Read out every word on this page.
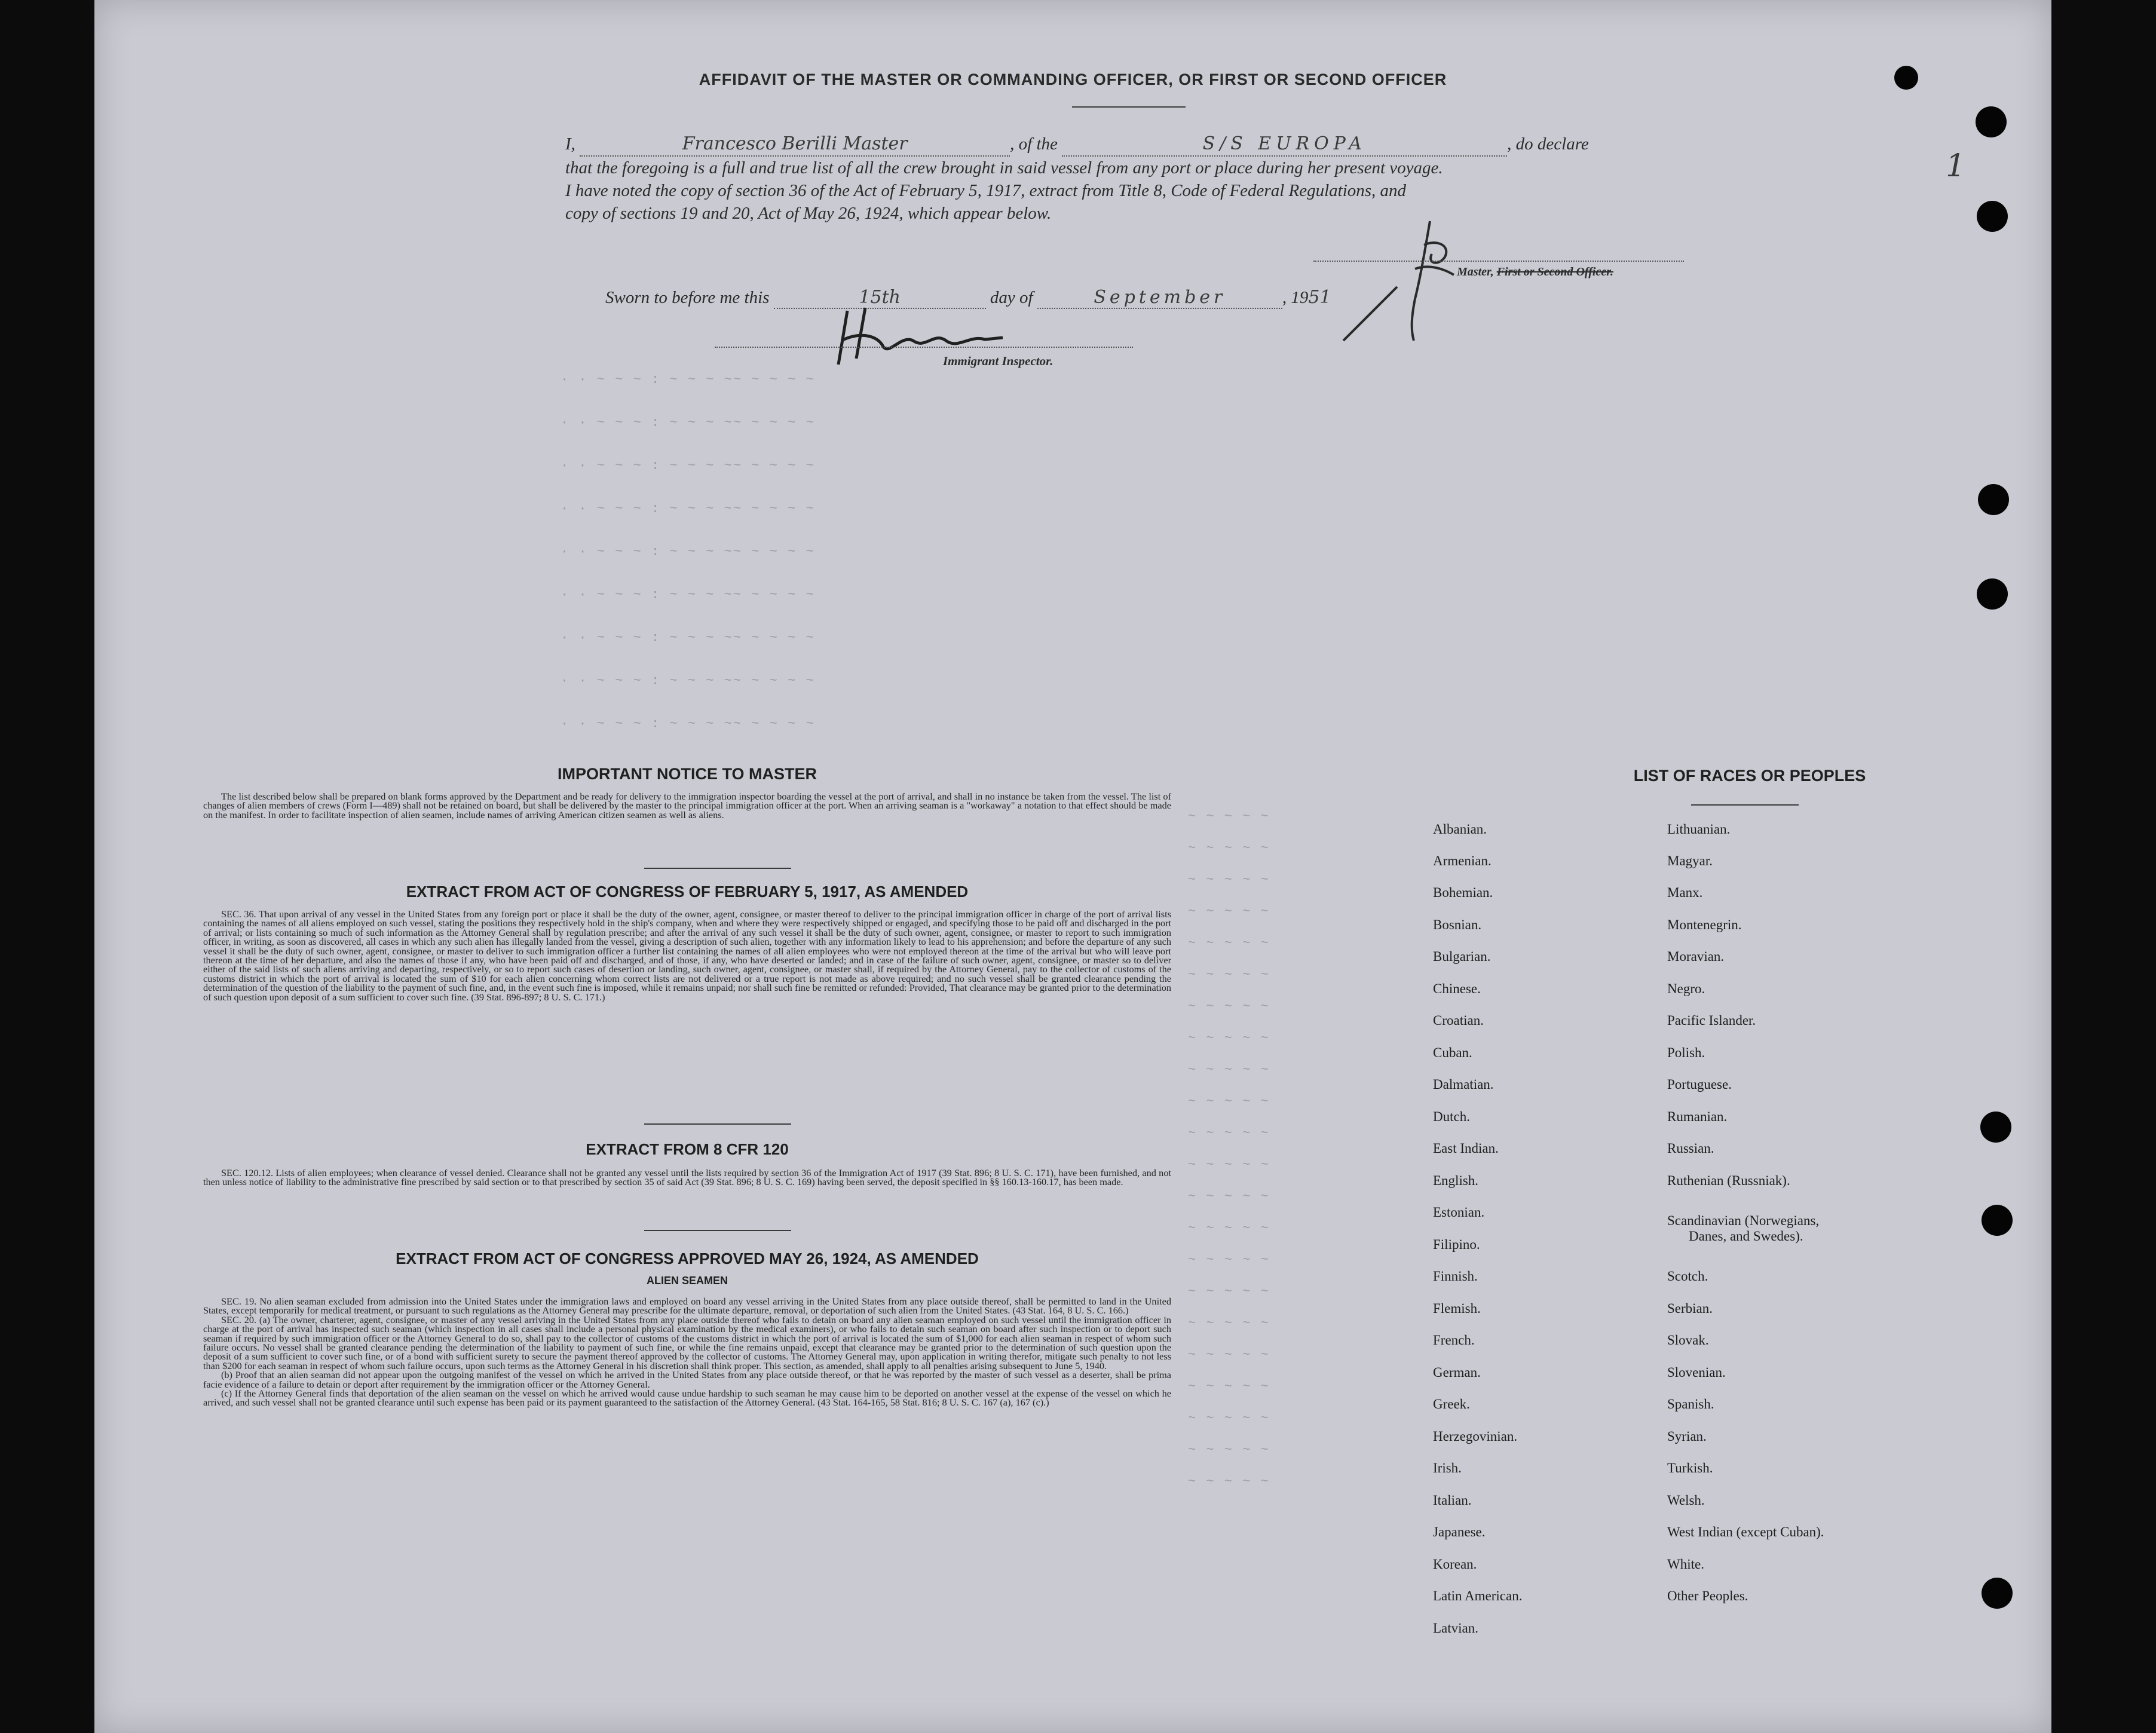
1
AFFIDAVIT OF THE MASTER OR COMMANDING OFFICER, OR FIRST OR SECOND OFFICER
I,	Francesco Berilli Master	, of the	S/S EUROPA	, do declare
that the foregoing is a full and true list of all the crew brought in said vessel from any port or place during her present voyage.
I have noted the copy of section 36 of the Act of February 5, 1917, extract from Title 8, Code of Federal Regulations, and
copy of sections 19 and 20, Act of May 26, 1924, which appear below.
Master, First or Second Officer.
Sworn to before me this	15th	day of	September	, 1951
Immigrant Inspector.
· · ~ ~ ~ : ~ ~ ~ ~~ ~ ~ ~ ~
· · ~ ~ ~ : ~ ~ ~ ~~ ~ ~ ~ ~
· · ~ ~ ~ : ~ ~ ~ ~~ ~ ~ ~ ~
· · ~ ~ ~ : ~ ~ ~ ~~ ~ ~ ~ ~
· · ~ ~ ~ : ~ ~ ~ ~~ ~ ~ ~ ~
· · ~ ~ ~ : ~ ~ ~ ~~ ~ ~ ~ ~
· · ~ ~ ~ : ~ ~ ~ ~~ ~ ~ ~ ~
· · ~ ~ ~ : ~ ~ ~ ~~ ~ ~ ~ ~
· · ~ ~ ~ : ~ ~ ~ ~~ ~ ~ ~ ~
~ ~ ~ ~ ~
~ ~ ~ ~ ~
~ ~ ~ ~ ~
~ ~ ~ ~ ~
~ ~ ~ ~ ~
~ ~ ~ ~ ~
~ ~ ~ ~ ~
~ ~ ~ ~ ~
~ ~ ~ ~ ~
~ ~ ~ ~ ~
~ ~ ~ ~ ~
~ ~ ~ ~ ~
~ ~ ~ ~ ~
~ ~ ~ ~ ~
~ ~ ~ ~ ~
~ ~ ~ ~ ~
~ ~ ~ ~ ~
~ ~ ~ ~ ~
~ ~ ~ ~ ~
~ ~ ~ ~ ~
~ ~ ~ ~ ~
~ ~ ~ ~ ~
IMPORTANT NOTICE TO MASTER

The list described below shall be prepared on blank forms approved by the Department and be ready for delivery to the immigration inspector boarding the vessel at the port of arrival, and shall in no instance be taken from the vessel. The list of changes of alien members of crews (Form I—489) shall not be retained on board, but shall be delivered by the master to the principal immigration officer at the port. When an arriving seaman is a "workaway" a notation to that effect should be made on the manifest. In order to facilitate inspection of alien seamen, include names of arriving American citizen seamen as well as aliens.

EXTRACT FROM ACT OF CONGRESS OF FEBRUARY 5, 1917, AS AMENDED

SEC. 36. That upon arrival of any vessel in the United States from any foreign port or place it shall be the duty of the owner, agent, consignee, or master thereof to deliver to the principal immigration officer in charge of the port of arrival lists containing the names of all aliens employed on such vessel, stating the positions they respectively hold in the ship's company, when and where they were respectively shipped or engaged, and specifying those to be paid off and discharged in the port of arrival; or lists containing so much of such information as the Attorney General shall by regulation prescribe; and after the arrival of any such vessel it shall be the duty of such owner, agent, consignee, or master to report to such immigration officer, in writing, as soon as discovered, all cases in which any such alien has illegally landed from the vessel, giving a description of such alien, together with any information likely to lead to his apprehension; and before the departure of any such vessel it shall be the duty of such owner, agent, consignee, or master to deliver to such immigration officer a further list containing the names of all alien employees who were not employed thereon at the time of the arrival but who will leave port thereon at the time of her departure, and also the names of those if any, who have been paid off and discharged, and of those, if any, who have deserted or landed; and in case of the failure of such owner, agent, consignee, or master so to deliver either of the said lists of such aliens arriving and departing, respectively, or so to report such cases of desertion or landing, such owner, agent, consignee, or master shall, if required by the Attorney General, pay to the collector of customs of the customs district in which the port of arrival is located the sum of $10 for each alien concerning whom correct lists are not delivered or a true report is not made as above required; and no such vessel shall be granted clearance pending the determination of the question of the liability to the payment of such fine, and, in the event such fine is imposed, while it remains unpaid; nor shall such fine be remitted or refunded: Provided, That clearance may be granted prior to the determination of such question upon deposit of a sum sufficient to cover such fine. (39 Stat. 896-897; 8 U. S. C. 171.)

EXTRACT FROM 8 CFR 120

SEC. 120.12. Lists of alien employees; when clearance of vessel denied. Clearance shall not be granted any vessel until the lists required by section 36 of the Immigration Act of 1917 (39 Stat. 896; 8 U. S. C. 171), have been furnished, and not then unless notice of liability to the administrative fine prescribed by said section or to that prescribed by section 35 of said Act (39 Stat. 896; 8 U. S. C. 169) having been served, the deposit specified in §§ 160.13-160.17, has been made.

EXTRACT FROM ACT OF CONGRESS APPROVED MAY 26, 1924, AS AMENDED
ALIEN SEAMEN

SEC. 19. No alien seaman excluded from admission into the United States under the immigration laws and employed on board any vessel arriving in the United States from any place outside thereof, shall be permitted to land in the United States, except temporarily for medical treatment, or pursuant to such regulations as the Attorney General may prescribe for the ultimate departure, removal, or deportation of such alien from the United States. (43 Stat. 164, 8 U. S. C. 166.)

SEC. 20. (a) The owner, charterer, agent, consignee, or master of any vessel arriving in the United States from any place outside thereof who fails to detain on board any alien seaman employed on such vessel until the immigration officer in charge at the port of arrival has inspected such seaman (which inspection in all cases shall include a personal physical examination by the medical examiners), or who fails to detain such seaman on board after such inspection or to deport such seaman if required by such immigration officer or the Attorney General to do so, shall pay to the collector of customs of the customs district in which the port of arrival is located the sum of $1,000 for each alien seaman in respect of whom such failure occurs. No vessel shall be granted clearance pending the determination of the liability to payment of such fine, or while the fine remains unpaid, except that clearance may be granted prior to the determination of such question upon the deposit of a sum sufficient to cover such fine, or of a bond with sufficient surety to secure the payment thereof approved by the collector of customs. The Attorney General may, upon application in writing therefor, mitigate such penalty to not less than $200 for each seaman in respect of whom such failure occurs, upon such terms as the Attorney General in his discretion shall think proper. This section, as amended, shall apply to all penalties arising subsequent to June 5, 1940.

(b) Proof that an alien seaman did not appear upon the outgoing manifest of the vessel on which he arrived in the United States from any place outside thereof, or that he was reported by the master of such vessel as a deserter, shall be prima facie evidence of a failure to detain or deport after requirement by the immigration officer or the Attorney General.

(c) If the Attorney General finds that deportation of the alien seaman on the vessel on which he arrived would cause undue hardship to such seaman he may cause him to be deported on another vessel at the expense of the vessel on which he arrived, and such vessel shall not be granted clearance until such expense has been paid or its payment guaranteed to the satisfaction of the Attorney General. (43 Stat. 164-165, 58 Stat. 816; 8 U. S. C. 167 (a), 167 (c).)

LIST OF RACES OR PEOPLES
Albanian.
Armenian.
Bohemian.
Bosnian.
Bulgarian.
Chinese.
Croatian.
Cuban.
Dalmatian.
Dutch.
East Indian.
English.
Estonian.
Filipino.
Finnish.
Flemish.
French.
German.
Greek.
Herzegovinian.
Irish.
Italian.
Japanese.
Korean.
Latin American.
Latvian.
Lithuanian.
Magyar.
Manx.
Montenegrin.
Moravian.
Negro.
Pacific Islander.
Polish.
Portuguese.
Rumanian.
Russian.
Ruthenian (Russniak).
Scandinavian (Norwegians,
Danes, and Swedes).
Scotch.
Serbian.
Slovak.
Slovenian.
Spanish.
Syrian.
Turkish.
Welsh.
West Indian (except Cuban).
White.
Other Peoples.
